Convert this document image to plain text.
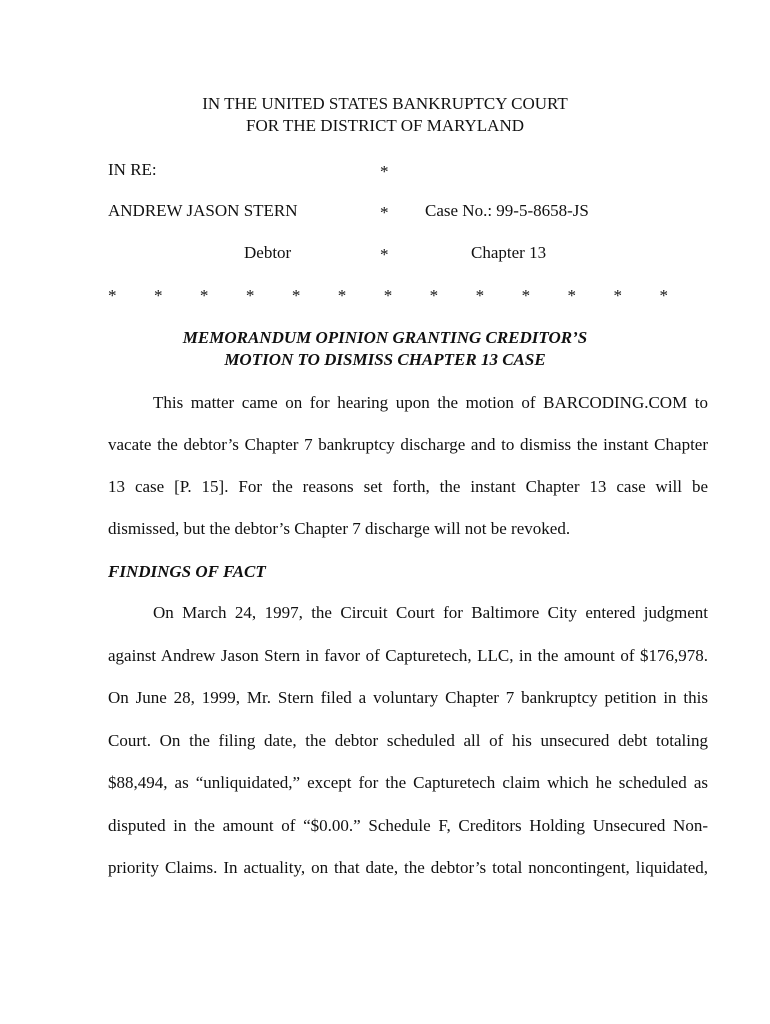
IN THE UNITED STATES BANKRUPTCY COURT
FOR THE DISTRICT OF MARYLAND
IN RE:	*
ANDREW JASON STERN	* Case No.: 99-5-8658-JS
Debtor	*	Chapter 13
* * * * * * * * * * * * *
MEMORANDUM OPINION GRANTING CREDITOR’S
MOTION TO DISMISS CHAPTER 13 CASE
This matter came on for hearing upon the motion of BARCODING.COM to
vacate the debtor’s Chapter 7 bankruptcy discharge and to dismiss the instant Chapter
13 case [P. 15]. For the reasons set forth, the instant Chapter 13 case will be
dismissed, but the debtor’s Chapter 7 discharge will not be revoked.
FINDINGS OF FACT
On March 24, 1997, the Circuit Court for Baltimore City entered judgment
against Andrew Jason Stern in favor of Capturetech, LLC, in the amount of $176,978.
On June 28, 1999, Mr. Stern filed a voluntary Chapter 7 bankruptcy petition in this
Court. On the filing date, the debtor scheduled all of his unsecured debt totaling
$88,494, as “unliquidated,” except for the Capturetech claim which he scheduled as
disputed in the amount of “$0.00.” Schedule F, Creditors Holding Unsecured Non-
priority Claims. In actuality, on that date, the debtor’s total noncontingent, liquidated,
